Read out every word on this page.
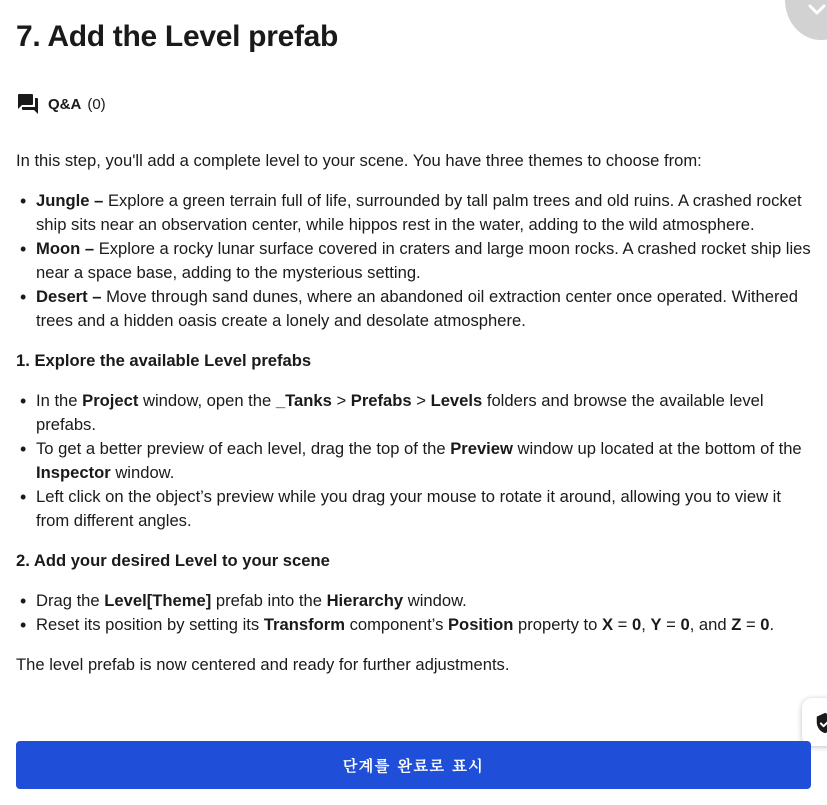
7. Add the Level prefab
Q&A (0)

In this step, you'll add a complete level to your scene. You have three themes to choose from:

• Jungle – Explore a green terrain full of life, surrounded by tall palm trees and old ruins. A crashed rocket ship sits near an observation center, while hippos rest in the water, adding to the wild atmosphere.
• Moon – Explore a rocky lunar surface covered in craters and large moon rocks. A crashed rocket ship lies near a space base, adding to the mysterious setting.
• Desert – Move through sand dunes, where an abandoned oil extraction center once operated. Withered trees and a hidden oasis create a lonely and desolate atmosphere.
1. Explore the available Level prefabs
• In the Project window, open the _Tanks > Prefabs > Levels folders and browse the available level prefabs.
• To get a better preview of each level, drag the top of the Preview window up located at the bottom of the Inspector window.
• Left click on the object’s preview while you drag your mouse to rotate it around, allowing you to view it from different angles.
2. Add your desired Level to your scene
• Drag the Level[Theme] prefab into the Hierarchy window.
• Reset its position by setting its Transform component’s Position property to X = 0, Y = 0, and Z = 0.

The level prefab is now centered and ready for further adjustments.

단계를 완료로 표시
